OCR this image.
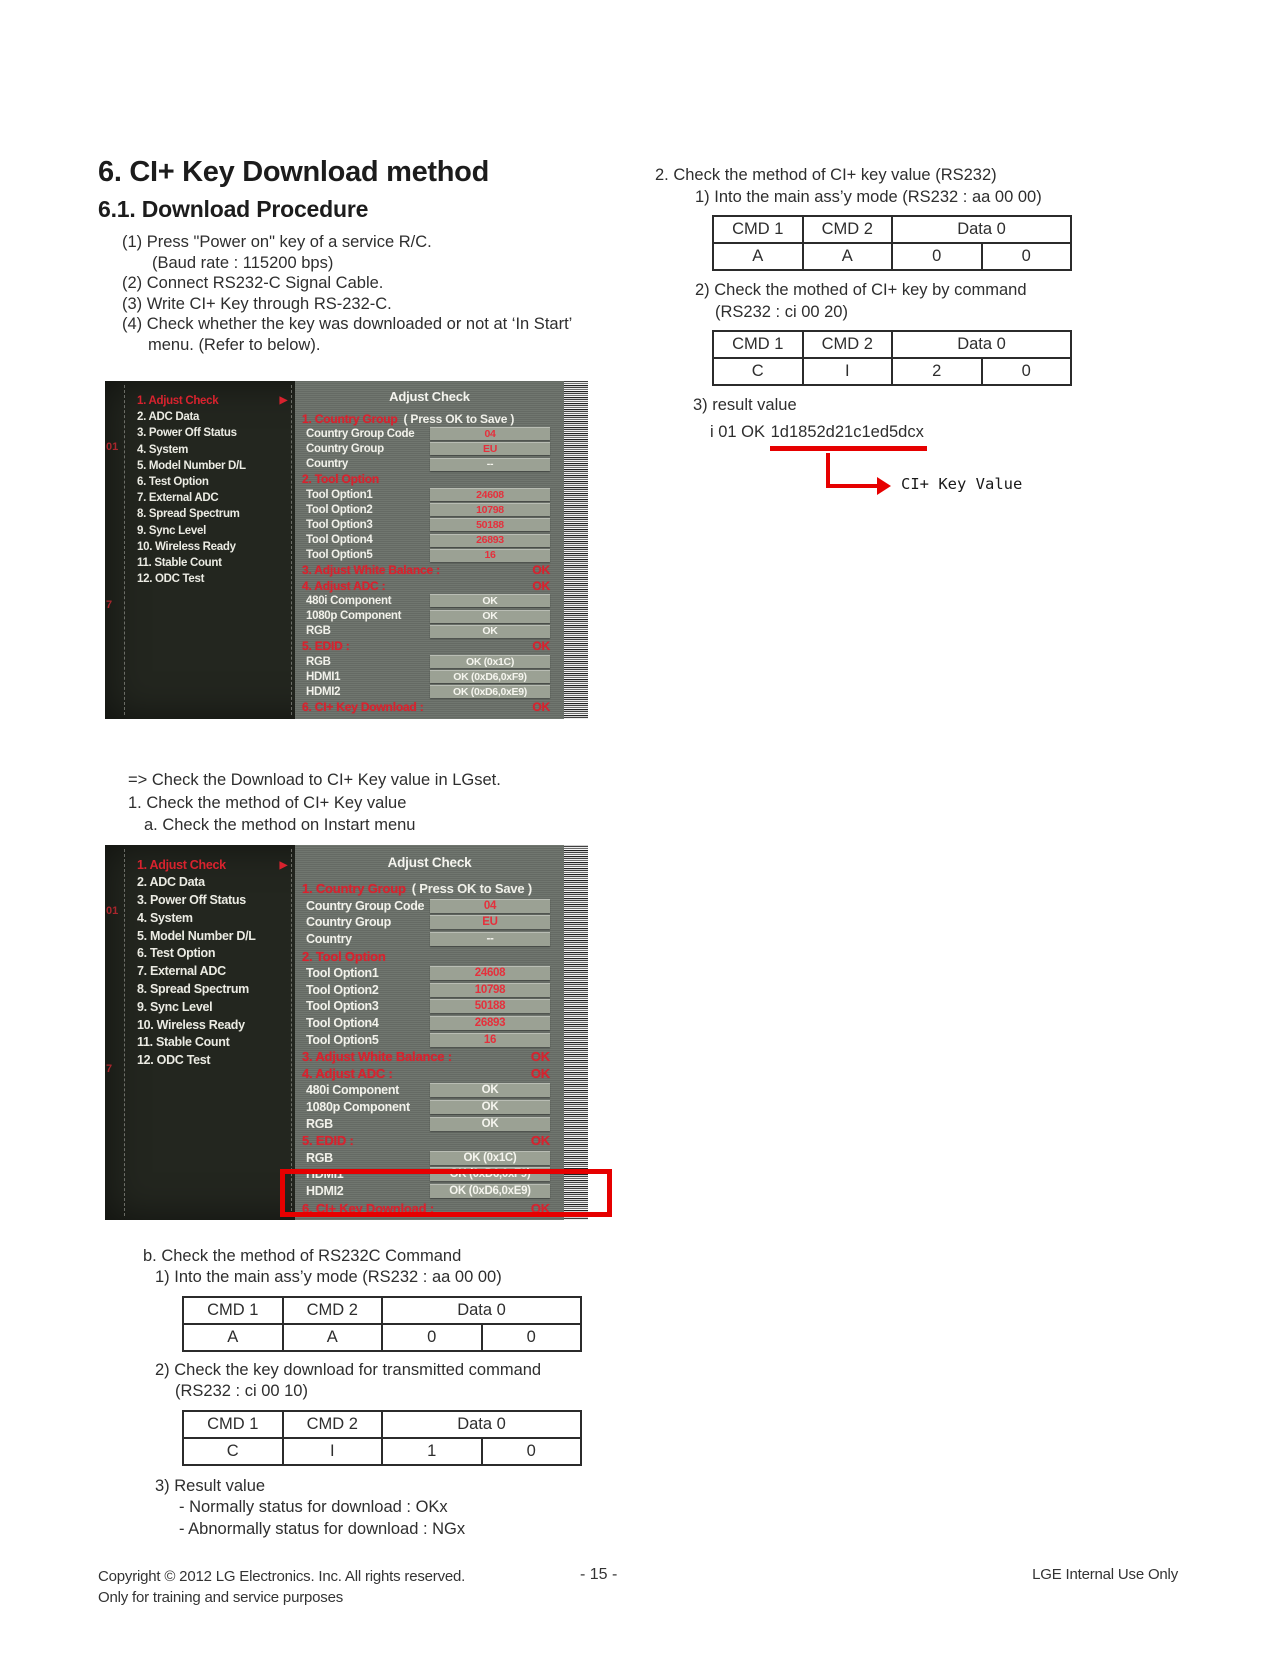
6. CI+ Key Download method
6.1. Download Procedure
(1) Press "Power on" key of a service R/C.
(Baud rate : 115200 bps)
(2) Connect RS232-C Signal Cable.
(3) Write CI+ Key through RS-232-C.
(4) Check whether the key was downloaded or not at ‘In Start’
menu. (Refer to below).
01
7
1. Adjust Check	▶
2. ADC Data
3. Power Off Status
4. System
5. Model Number D/L
6. Test Option
7. External ADC
8. Spread Spectrum
9. Sync Level
10. Wireless Ready
11. Stable Count
12. ODC Test
Adjust Check
1. Country Group ( Press OK to Save )
Country Group Code	04
Country Group	EU
Country	--
2. Tool Option
Tool Option1	24608
Tool Option2	10798
Tool Option3	50188
Tool Option4	26893
Tool Option5	16
3. Adjust White Balance :	OK
4. Adjust ADC :	OK
480i Component	OK
1080p Component	OK
RGB	OK
5. EDID :	OK
RGB	OK (0x1C)
HDMI1	OK (0xD6,0xF9)
HDMI2	OK (0xD6,0xE9)
6. CI+ Key Download :	OK
=> Check the Download to CI+ Key value in LGset.
1. Check the method of CI+ Key value
a. Check the method on Instart menu
01
7
1. Adjust Check	▶
2. ADC Data
3. Power Off Status
4. System
5. Model Number D/L
6. Test Option
7. External ADC
8. Spread Spectrum
9. Sync Level
10. Wireless Ready
11. Stable Count
12. ODC Test
Adjust Check
1. Country Group ( Press OK to Save )
Country Group Code	04
Country Group	EU
Country	--
2. Tool Option
Tool Option1	24608
Tool Option2	10798
Tool Option3	50188
Tool Option4	26893
Tool Option5	16
3. Adjust White Balance :	OK
4. Adjust ADC :	OK
480i Component	OK
1080p Component	OK
RGB	OK
5. EDID :	OK
RGB	OK (0x1C)
HDMI1	OK (0xD6,0xF9)
HDMI2	OK (0xD6,0xE9)
6. CI+ Key Download :	OK
b. Check the method of RS232C Command
1) Into the main ass’y mode (RS232 : aa 00 00)
CMD 1	CMD 2	Data 0	
A	A	0	0
2) Check the key download for transmitted command
(RS232 : ci 00 10)
CMD 1	CMD 2	Data 0	
C	I	1	0
3) Result value
- Normally status for download : OKx
- Abnormally status for download : NGx
2. Check the method of CI+ key value (RS232)
1) Into the main ass’y mode (RS232 : aa 00 00)
CMD 1	CMD 2	Data 0	
A	A	0	0
2) Check the mothed of CI+ key by command
(RS232 : ci 00 20)
CMD 1	CMD 2	Data 0	
C	I	2	0
3) result value
i 01 OK 1d1852d21c1ed5dcx
CI+ Key Value
Copyright © 2012 LG Electronics. Inc. All rights reserved.
Only for training and service purposes
- 15 -	LGE Internal Use Only
